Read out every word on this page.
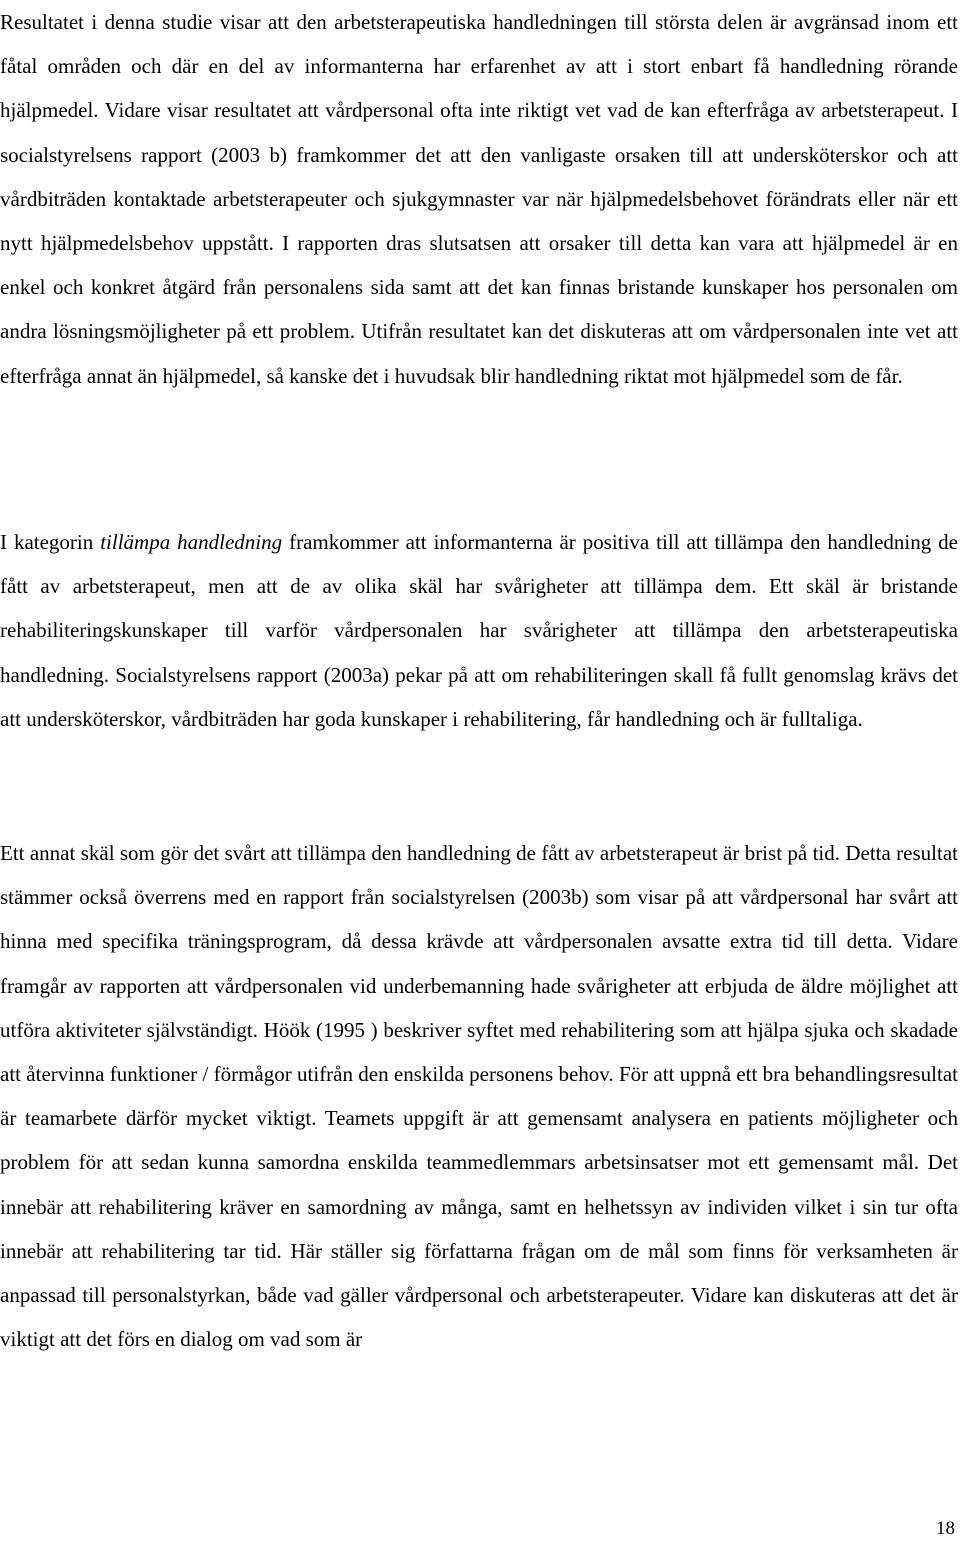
Resultatet i denna studie visar att den arbetsterapeutiska handledningen till största delen är avgränsad inom ett fåtal områden och där en del av informanterna har erfarenhet av att i stort enbart få handledning rörande hjälpmedel. Vidare visar resultatet att vårdpersonal ofta inte riktigt vet vad de kan efterfråga av arbetsterapeut. I socialstyrelsens rapport (2003 b) framkommer det att den vanligaste orsaken till att undersköterskor och att vårdbiträden kontaktade arbetsterapeuter och sjukgymnaster var när hjälpmedelsbehovet förändrats eller när ett nytt hjälpmedelsbehov uppstått. I rapporten dras slutsatsen att orsaker till detta kan vara att hjälpmedel är en enkel och konkret åtgärd från personalens sida samt att det kan finnas bristande kunskaper hos personalen om andra lösningsmöjligheter på ett problem. Utifrån resultatet kan det diskuteras att om vårdpersonalen inte vet att efterfråga annat än hjälpmedel, så kanske det i huvudsak blir handledning riktat mot hjälpmedel som de får.

I kategorin tillämpa handledning framkommer att informanterna är positiva till att tillämpa den handledning de fått av arbetsterapeut, men att de av olika skäl har svårigheter att tillämpa dem. Ett skäl är bristande rehabiliteringskunskaper till varför vårdpersonalen har svårigheter att tillämpa den arbetsterapeutiska handledning. Socialstyrelsens rapport (2003a) pekar på att om rehabiliteringen skall få fullt genomslag krävs det att undersköterskor, vårdbiträden har goda kunskaper i rehabilitering, får handledning och är fulltaliga.

Ett annat skäl som gör det svårt att tillämpa den handledning de fått av arbetsterapeut är brist på tid. Detta resultat stämmer också överrens med en rapport från socialstyrelsen (2003b) som visar på att vårdpersonal har svårt att hinna med specifika träningsprogram, då dessa krävde att vårdpersonalen avsatte extra tid till detta. Vidare framgår av rapporten att vårdpersonalen vid underbemanning hade svårigheter att erbjuda de äldre möjlighet att utföra aktiviteter självständigt. Höök (1995 ) beskriver syftet med rehabilitering som att hjälpa sjuka och skadade att återvinna funktioner / förmågor utifrån den enskilda personens behov. För att uppnå ett bra behandlingsresultat är teamarbete därför mycket viktigt. Teamets uppgift är att gemensamt analysera en patients möjligheter och problem för att sedan kunna samordna enskilda teammedlemmars arbetsinsatser mot ett gemensamt mål. Det innebär att rehabilitering kräver en samordning av många, samt en helhetssyn av individen vilket i sin tur ofta innebär att rehabilitering tar tid. Här ställer sig författarna frågan om de mål som finns för verksamheten är anpassad till personalstyrkan, både vad gäller vårdpersonal och arbetsterapeuter. Vidare kan diskuteras att det är viktigt att det förs en dialog om vad som är

18
